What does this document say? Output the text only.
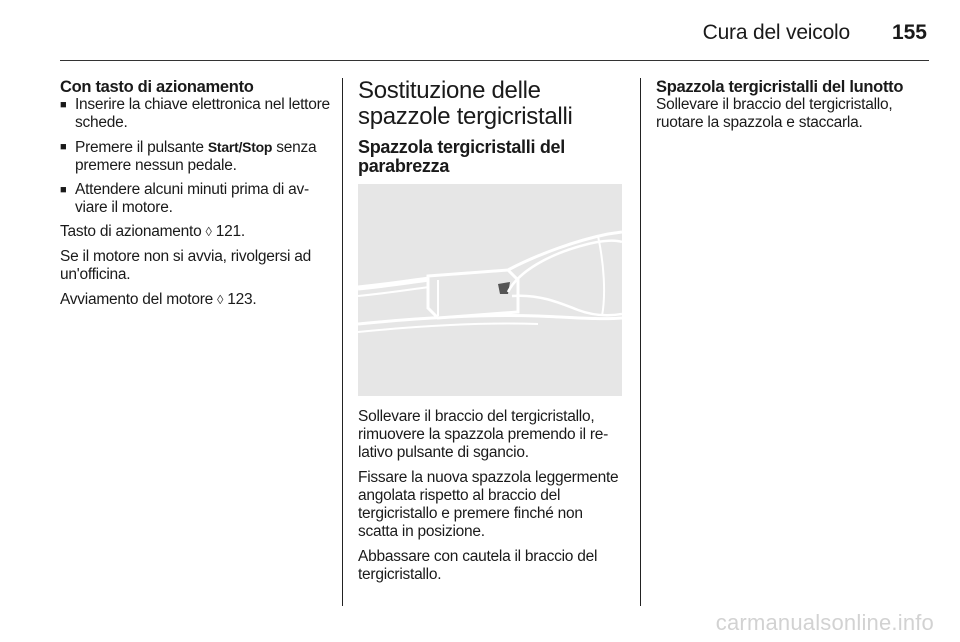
Cura del veicolo	155
Con tasto di azionamento
■ Inserire la chiave elettronica nel lettore schede.
■ Premere il pulsante Start/Stop senza premere nessun pedale.
■ Attendere alcuni minuti prima di avviare il motore.

Tasto di azionamento ◊ 121.

Se il motore non si avvia, rivolgersi ad un'officina.

Avviamento del motore ◊ 123.

Sostituzione delle spazzole tergicristalli
Spazzola tergicristalli del parabrezza

Sollevare il braccio del tergicristallo, rimuovere la spazzola premendo il relativo pulsante di sgancio.

Fissare la nuova spazzola leggermente angolata rispetto al braccio del tergicristallo e premere finché non scatta in posizione.

Abbassare con cautela il braccio del tergicristallo.

Spazzola tergicristalli del lunotto

Sollevare il braccio del tergicristallo, ruotare la spazzola e staccarla.

carmanualsonline.info
